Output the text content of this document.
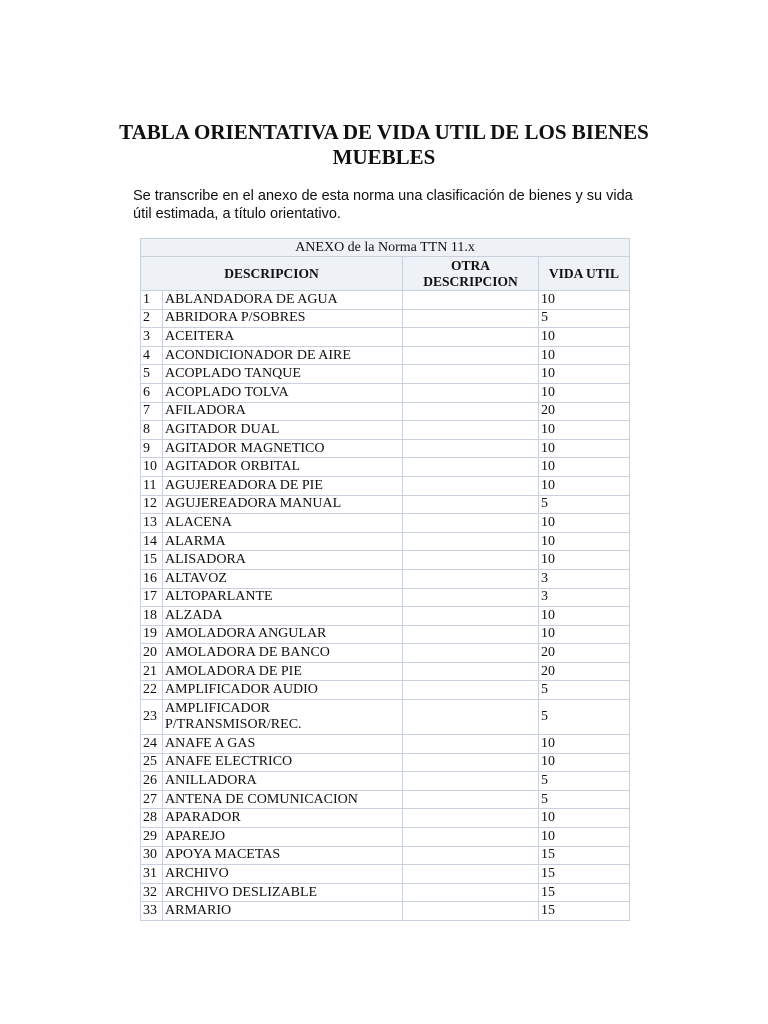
TABLA ORIENTATIVA DE VIDA UTIL DE LOS BIENES MUEBLES
Se transcribe en el anexo de esta norma una clasificación de bienes y su vida útil estimada, a título orientativo.
ANEXO de la Norma TTN 11.x			
DESCRIPCION		OTRA DESCRIPCION	VIDA UTIL
1	ABLANDADORA DE AGUA		10
2	ABRIDORA P/SOBRES		5
3	ACEITERA		10
4	ACONDICIONADOR DE AIRE		10
5	ACOPLADO TANQUE		10
6	ACOPLADO TOLVA		10
7	AFILADORA		20
8	AGITADOR DUAL		10
9	AGITADOR MAGNETICO		10
10	AGITADOR ORBITAL		10
11	AGUJEREADORA DE PIE		10
12	AGUJEREADORA MANUAL		5
13	ALACENA		10
14	ALARMA		10
15	ALISADORA		10
16	ALTAVOZ		3
17	ALTOPARLANTE		3
18	ALZADA		10
19	AMOLADORA ANGULAR		10
20	AMOLADORA DE BANCO		20
21	AMOLADORA DE PIE		20
22	AMPLIFICADOR AUDIO		5
23	AMPLIFICADOR P/TRANSMISOR/REC.		5
24	ANAFE A GAS		10
25	ANAFE ELECTRICO		10
26	ANILLADORA		5
27	ANTENA DE COMUNICACION		5
28	APARADOR		10
29	APAREJO		10
30	APOYA MACETAS		15
31	ARCHIVO		15
32	ARCHIVO DESLIZABLE		15
33	ARMARIO		15
